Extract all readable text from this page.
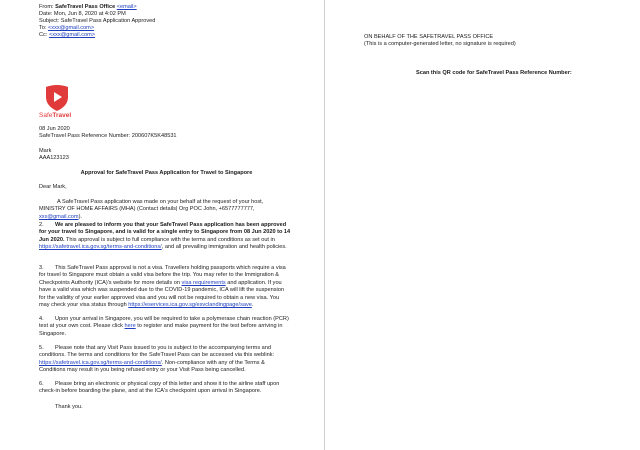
From: SafeTravel Pass Office <email>

Date: Mon, Jun 8, 2020 at 4:02 PM

Subject: SafeTravel Pass Application Approved

To: <xxx@gmail.com>

Cc: <xxx@gmail.com>

SafeTravel

08 Jun 2020

SafeTravel Pass Reference Number: 200607K5K48531

Mark

AAA123123

Approval for SafeTravel Pass Application for Travel to Singapore

Dear Mark,

A SafeTravel Pass application was made on your behalf at the request of your host, MINISTRY OF HOME AFFAIRS (MHA) (Contact details| Org POC John, +6577777777, xxx@gmail.com).

2. We are pleased to inform you that your SafeTravel Pass application has been approved for your travel to Singapore, and is valid for a single entry to Singapore from 08 Jun 2020 to 14 Jun 2020. This approval is subject to full compliance with the terms and conditions as set out in https://safetravel.ica.gov.sg/terms-and-conditions/, and all prevailing immigration and health policies.

3. This SafeTravel Pass approval is not a visa. Travellers holding passports which require a visa for travel to Singapore must obtain a valid visa before the trip. You may refer to the Immigration & Checkpoints Authority (ICA)'s website for more details on visa requirements and application. If you have a valid visa which was suspended due to the COVID-19 pandemic, ICA will lift the suspension for the validity of your earlier approved visa and you will not be required to obtain a new visa. You may check your visa status through https://eservices.ica.gov.sg/esvclandingpage/save.

4. Upon your arrival in Singapore, you will be required to take a polymerase chain reaction (PCR) test at your own cost. Please click here to register and make payment for the test before arriving in Singapore.

5. Please note that any Visit Pass issued to you is subject to the accompanying terms and conditions. The terms and conditions for the SafeTravel Pass can be accessed via this weblink: https://safetravel.ica.gov.sg/terms-and-conditions/. Non-compliance with any of the Terms & Conditions may result in you being refused entry or your Visit Pass being cancelled.

6. Please bring an electronic or physical copy of this letter and show it to the airline staff upon check-in before boarding the plane, and at the ICA's checkpoint upon arrival in Singapore.

Thank you.

ON BEHALF OF THE SAFETRAVEL PASS OFFICE
(This is a computer-generated letter, no signature is required)
Scan this QR code for SafeTravel Pass Reference Number:
